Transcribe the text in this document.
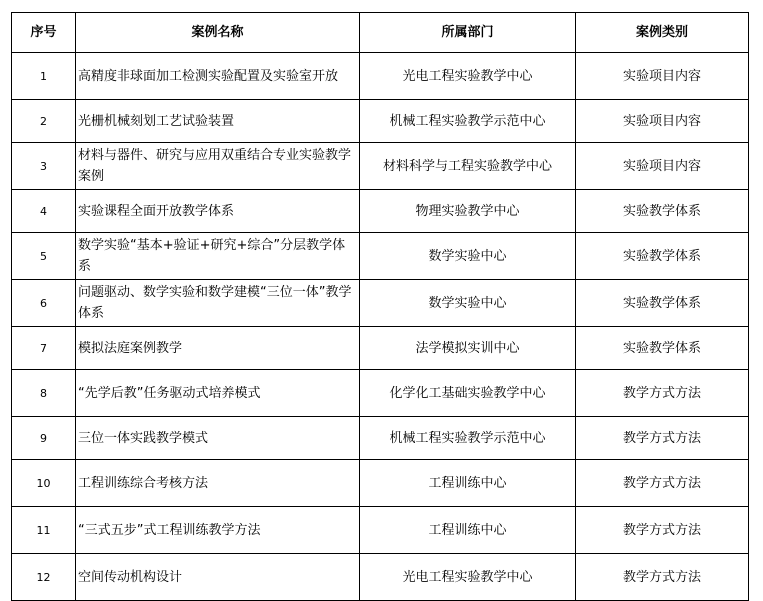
序号	案例名称	所属部门	案例类别
1	高精度非球面加工检测实验配置及实验室开放	光电工程实验教学中心	实验项目内容
2	光栅机械刻划工艺试验装置	机械工程实验教学示范中心	实验项目内容
3	材料与器件、研究与应用双重结合专业实验教学案例	材料科学与工程实验教学中心	实验项目内容
4	实验课程全面开放教学体系	物理实验教学中心	实验教学体系
5	数学实验“基本+验证+研究+综合”分层教学体系	数学实验中心	实验教学体系
6	问题驱动、数学实验和数学建模“三位一体”教学体系	数学实验中心	实验教学体系
7	模拟法庭案例教学	法学模拟实训中心	实验教学体系
8	“先学后教”任务驱动式培养模式	化学化工基础实验教学中心	教学方式方法
9	三位一体实践教学模式	机械工程实验教学示范中心	教学方式方法
10	工程训练综合考核方法	工程训练中心	教学方式方法
11	“三式五步”式工程训练教学方法	工程训练中心	教学方式方法
12	空间传动机构设计	光电工程实验教学中心	教学方式方法
